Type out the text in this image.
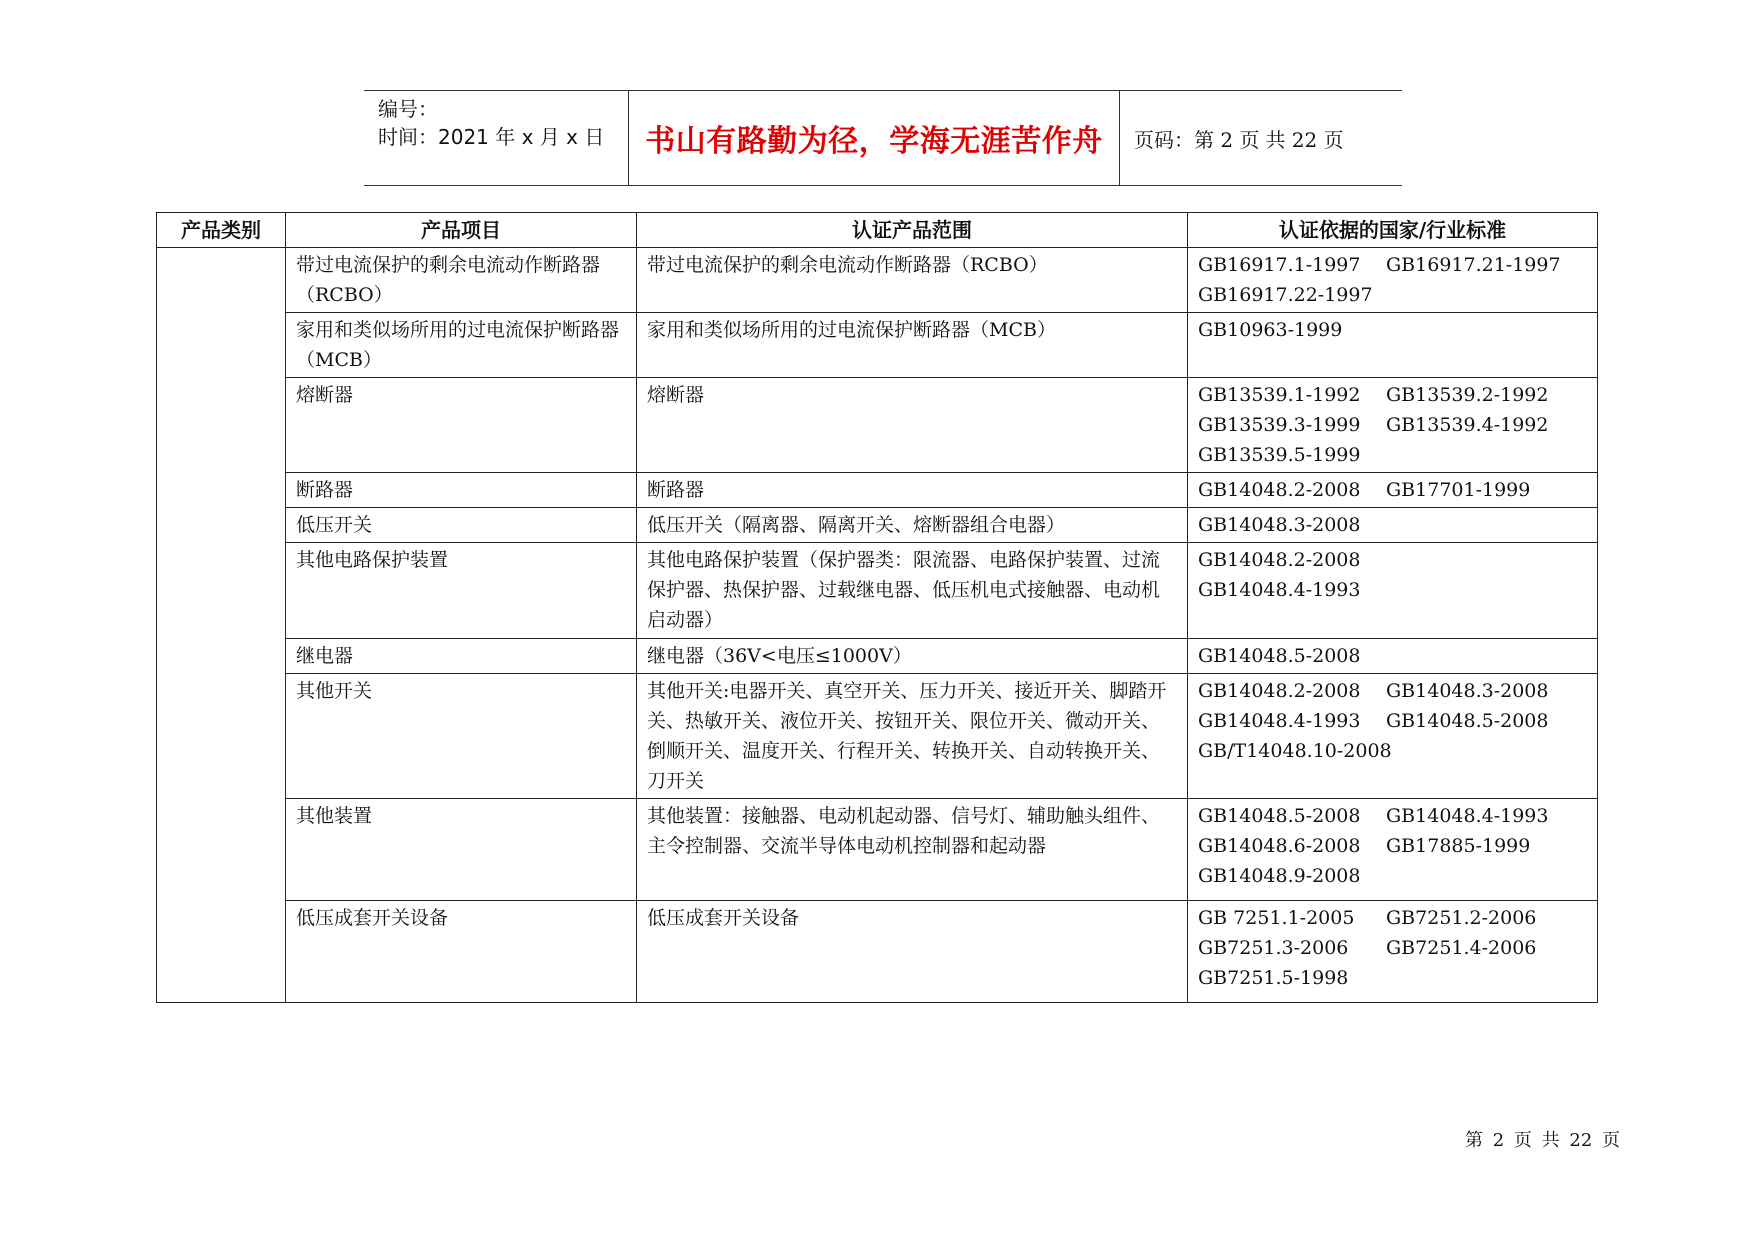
编号：
时间：2021 年 x 月 x 日	书山有路勤为径，学海无涯苦作舟	页码：第 2 页 共 22 页
产品类别	产品项目	认证产品范围	认证依据的国家/行业标准
	带过电流保护的剩余电流动作断路器（RCBO）	带过电流保护的剩余电流动作断路器（RCBO）	GB16917.1-1997 GB16917.21-1997
GB16917.22-1997

	家用和类似场所用的过电流保护断路器（MCB）	家用和类似场所用的过电流保护断路器（MCB）	GB10963-1999

	熔断器	熔断器	GB13539.1-1992 GB13539.2-1992
GB13539.3-1999 GB13539.4-1992
GB13539.5-1999

	断路器	断路器	GB14048.2-2008 GB17701-1999

	低压开关	低压开关（隔离器、隔离开关、熔断器组合电器）	GB14048.3-2008

	其他电路保护装置	其他电路保护装置（保护器类：限流器、电路保护装置、过流保护器、热保护器、过载继电器、低压机电式接触器、电动机启动器）	GB14048.2-2008
GB14048.4-1993

	继电器	继电器（36V<电压≤1000V）	GB14048.5-2008

	其他开关	其他开关:电器开关、真空开关、压力开关、接近开关、脚踏开关、热敏开关、液位开关、按钮开关、限位开关、微动开关、倒顺开关、温度开关、行程开关、转换开关、自动转换开关、刀开关	GB14048.2-2008 GB14048.3-2008
GB14048.4-1993 GB14048.5-2008
GB/T14048.10-2008

	其他装置	其他装置：接触器、电动机起动器、信号灯、辅助触头组件、主令控制器、交流半导体电动机控制器和起动器	GB14048.5-2008 GB14048.4-1993
GB14048.6-2008 GB17885-1999
GB14048.9-2008

	低压成套开关设备	低压成套开关设备	GB 7251.1-2005 GB7251.2-2006
GB7251.3-2006 GB7251.4-2006
GB7251.5-1998
第 2 页 共 22 页
